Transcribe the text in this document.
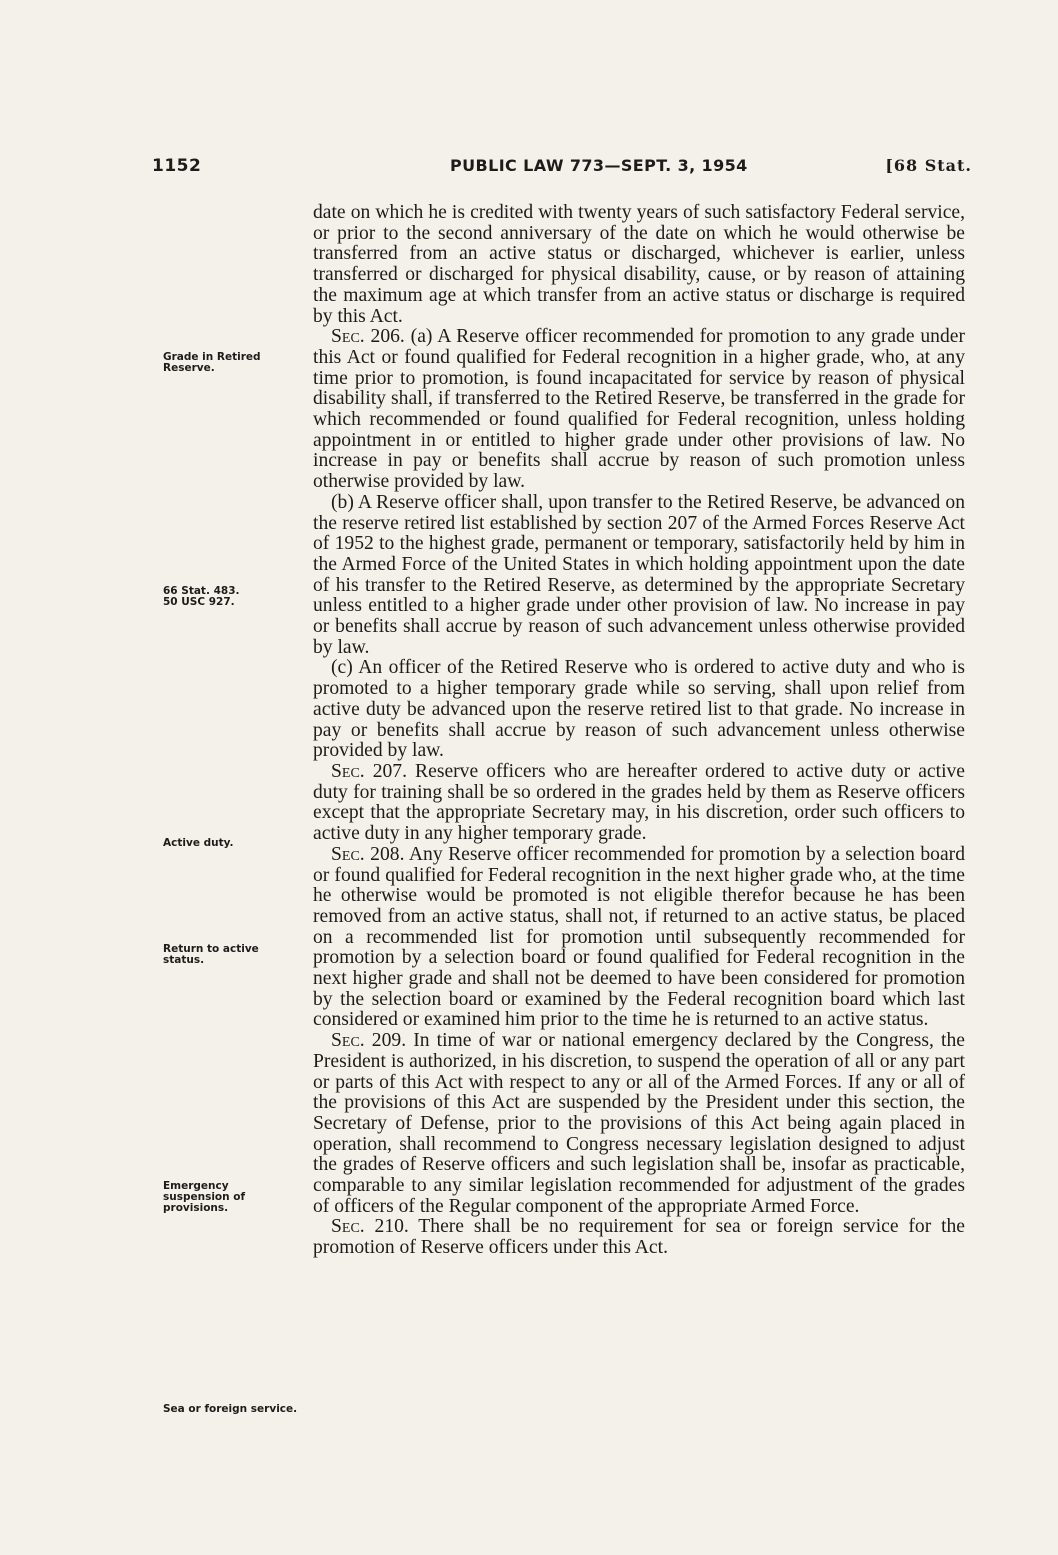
1152	PUBLIC LAW 773—SEPT. 3, 1954	[68 Stat.
Grade in Retired Reserve.
66 Stat. 483.
50 USC 927.
Active duty.
Return to active status.
Emergency suspension of provisions.
Sea or foreign service.

date on which he is credited with twenty years of such satisfactory Federal service, or prior to the second anniversary of the date on which he would otherwise be transferred from an active status or discharged, whichever is earlier, unless transferred or discharged for physical disability, cause, or by reason of attaining the maximum age at which transfer from an active status or discharge is required by this Act.

Sec. 206. (a) A Reserve officer recommended for promotion to any grade under this Act or found qualified for Federal recognition in a higher grade, who, at any time prior to promotion, is found incapacitated for service by reason of physical disability shall, if transferred to the Retired Reserve, be transferred in the grade for which recommended or found qualified for Federal recognition, unless holding appointment in or entitled to higher grade under other provisions of law. No increase in pay or benefits shall accrue by reason of such promotion unless otherwise provided by law.

(b) A Reserve officer shall, upon transfer to the Retired Reserve, be advanced on the reserve retired list established by section 207 of the Armed Forces Reserve Act of 1952 to the highest grade, permanent or temporary, satisfactorily held by him in the Armed Force of the United States in which holding appointment upon the date of his transfer to the Retired Reserve, as determined by the appropriate Secretary unless entitled to a higher grade under other provision of law. No increase in pay or benefits shall accrue by reason of such advancement unless otherwise provided by law.

(c) An officer of the Retired Reserve who is ordered to active duty and who is promoted to a higher temporary grade while so serving, shall upon relief from active duty be advanced upon the reserve retired list to that grade. No increase in pay or benefits shall accrue by reason of such advancement unless otherwise provided by law.

Sec. 207. Reserve officers who are hereafter ordered to active duty or active duty for training shall be so ordered in the grades held by them as Reserve officers except that the appropriate Secretary may, in his discretion, order such officers to active duty in any higher temporary grade.

Sec. 208. Any Reserve officer recommended for promotion by a selection board or found qualified for Federal recognition in the next higher grade who, at the time he otherwise would be promoted is not eligible therefor because he has been removed from an active status, shall not, if returned to an active status, be placed on a recommended list for promotion until subsequently recommended for promotion by a selection board or found qualified for Federal recognition in the next higher grade and shall not be deemed to have been considered for promotion by the selection board or examined by the Federal recognition board which last considered or examined him prior to the time he is returned to an active status.

Sec. 209. In time of war or national emergency declared by the Congress, the President is authorized, in his discretion, to suspend the operation of all or any part or parts of this Act with respect to any or all of the Armed Forces. If any or all of the provisions of this Act are suspended by the President under this section, the Secretary of Defense, prior to the provisions of this Act being again placed in operation, shall recommend to Congress necessary legislation designed to adjust the grades of Reserve officers and such legislation shall be, insofar as practicable, comparable to any similar legislation recommended for adjustment of the grades of officers of the Regular component of the appropriate Armed Force.

Sec. 210. There shall be no requirement for sea or foreign service for the promotion of Reserve officers under this Act.
